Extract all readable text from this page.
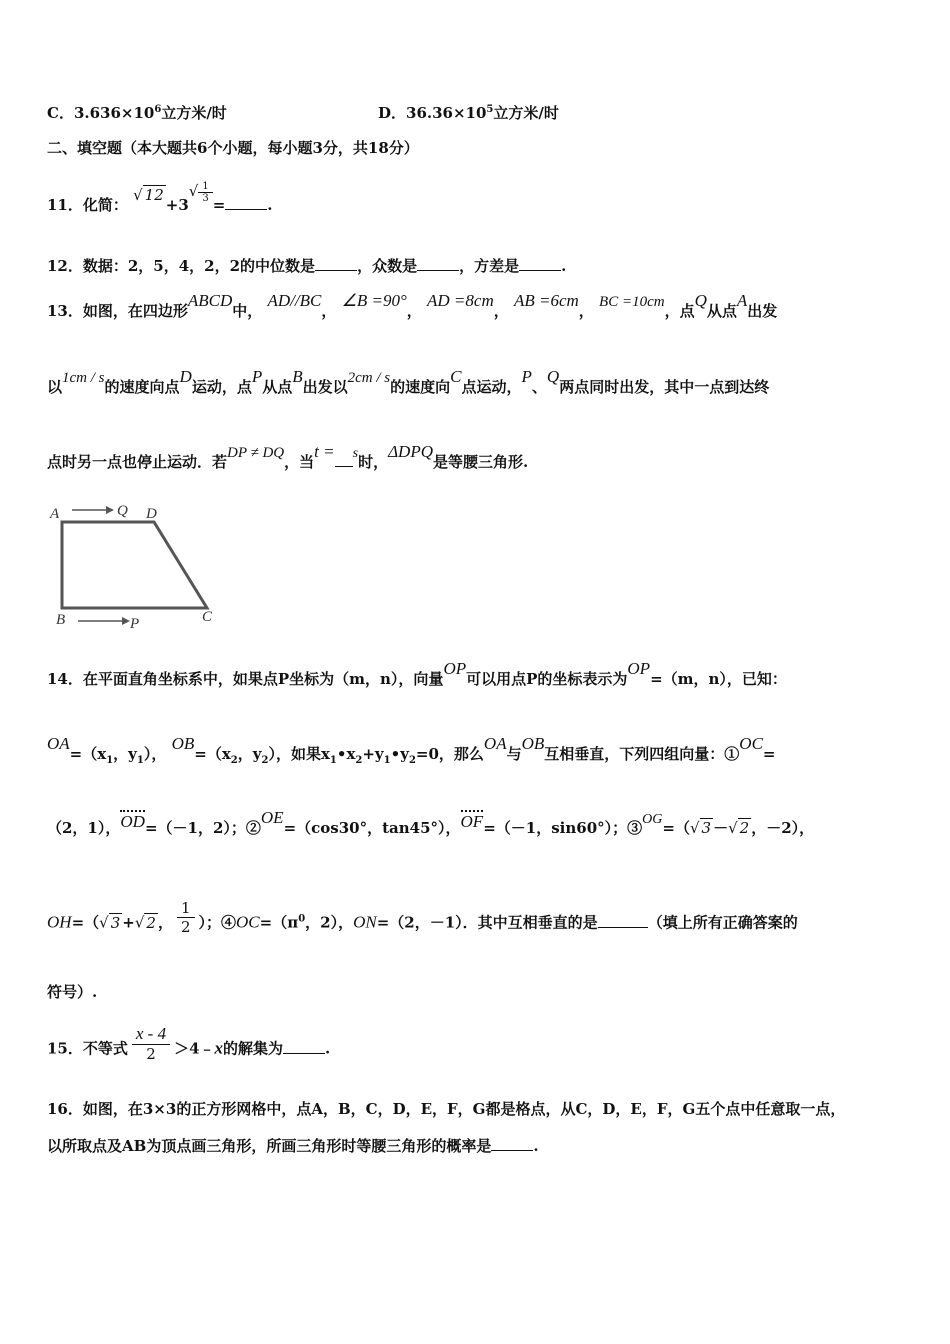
C．$3.636\times 10^6$立方米/时	D．$36.36\times 10^5$立方米/时
二、填空题（本大题共6个小题，每小题3分，共18分）
11．化简： √ $12+3√ \frac{1}{3}$
=	.
12．数据：2，5，4，2，2的中位数是	，众数是	，方差是	.
13．如图，在四边形ABCD中， AD//BC， ∠B =90°， AD =8cm， AB =6cm， BC =10cm，点Q从点A出发
以1cm / s的速度向点D运动，点P从点B出发以2cm / s的速度向C点运动，P、Q两点同时出发，其中一点到达终
点时另一点也停止运动．若DP ≠ DQ，当t = s时，ΔDPQ是等腰三角形.
A	Q D
B	P	C
14．在平面直角坐标系中，如果点P坐标为（m，n），向量OP可以用点P的坐标表示为OP=（m，n），已知：
$OA=(x_1$，$y_1$）， $OB=(x_2$，$y_2$），如果$x_1•x_2+y_1•y_2=0$，那么OA与OB互相垂直，下列四组向量：①OC=
（2，1），OD=（－1，2）；②OE=（cos30°，tan45°），OF=（－1，sin60°）；③OG=（√ 3 －√ 2 ，－2），
OH=（√ 3 +√ 2 ， $\frac{1}{2}$ ）；$④OC=(\pi^0$，2），ON=（2，－1）．其中互相垂直的是	（填上所有正确答案的
符号）.
15．不等式 $\frac{x - 4}{2}$ ＞4﹣x的解集为	.
16．如图，在3×3的正方形网格中，点A，B，C，D，E，F，G都是格点，从C，D，E，F，G五个点中任意取一点，
以所取点及AB为顶点画三角形，所画三角形时等腰三角形的概率是	.
